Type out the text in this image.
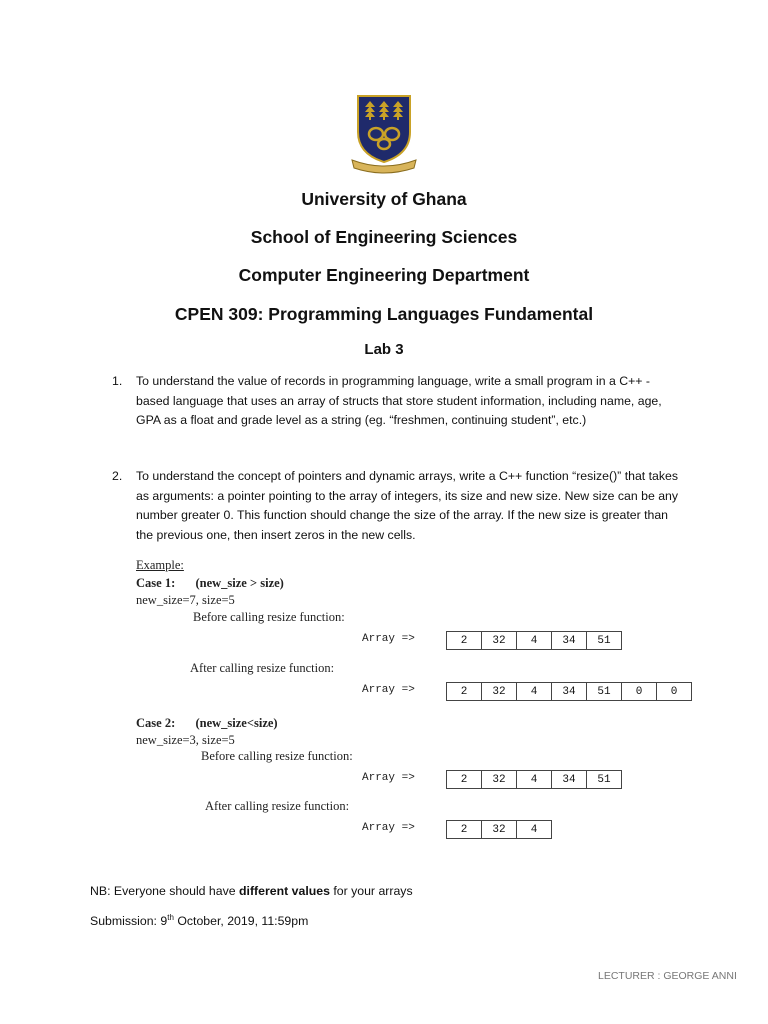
University of Ghana
School of Engineering Sciences
Computer Engineering Department
CPEN 309: Programming Languages Fundamental
Lab 3
1. To understand the value of records in programming language, write a small program in a C++ - based language that uses an array of structs that store student information, including name, age, GPA as a float and grade level as a string (eg. “freshmen, continuing student”, etc.)
2. To understand the concept of pointers and dynamic arrays, write a C++ function “resize()” that takes as arguments: a pointer pointing to the array of integers, its size and new size. New size can be any number greater 0. This function should change the size of the array. If the new size is greater than the previous one, then insert zeros in the new cells.
Example:
Case 1: (new_size > size)
new_size=7, size=5
Before calling resize function:
Array =>	2	32	4	34	51
After calling resize function:
Array =>	2	32	4	34	51	0	0
Case 2: (new_size<size)
new_size=3, size=5
Before calling resize function:
Array =>	2	32	4	34	51
After calling resize function:
Array =>	2	32	4
NB: Everyone should have different values for your arrays
Submission: 9th October, 2019, 11:59pm
LECTURER : GEORGE ANNI
